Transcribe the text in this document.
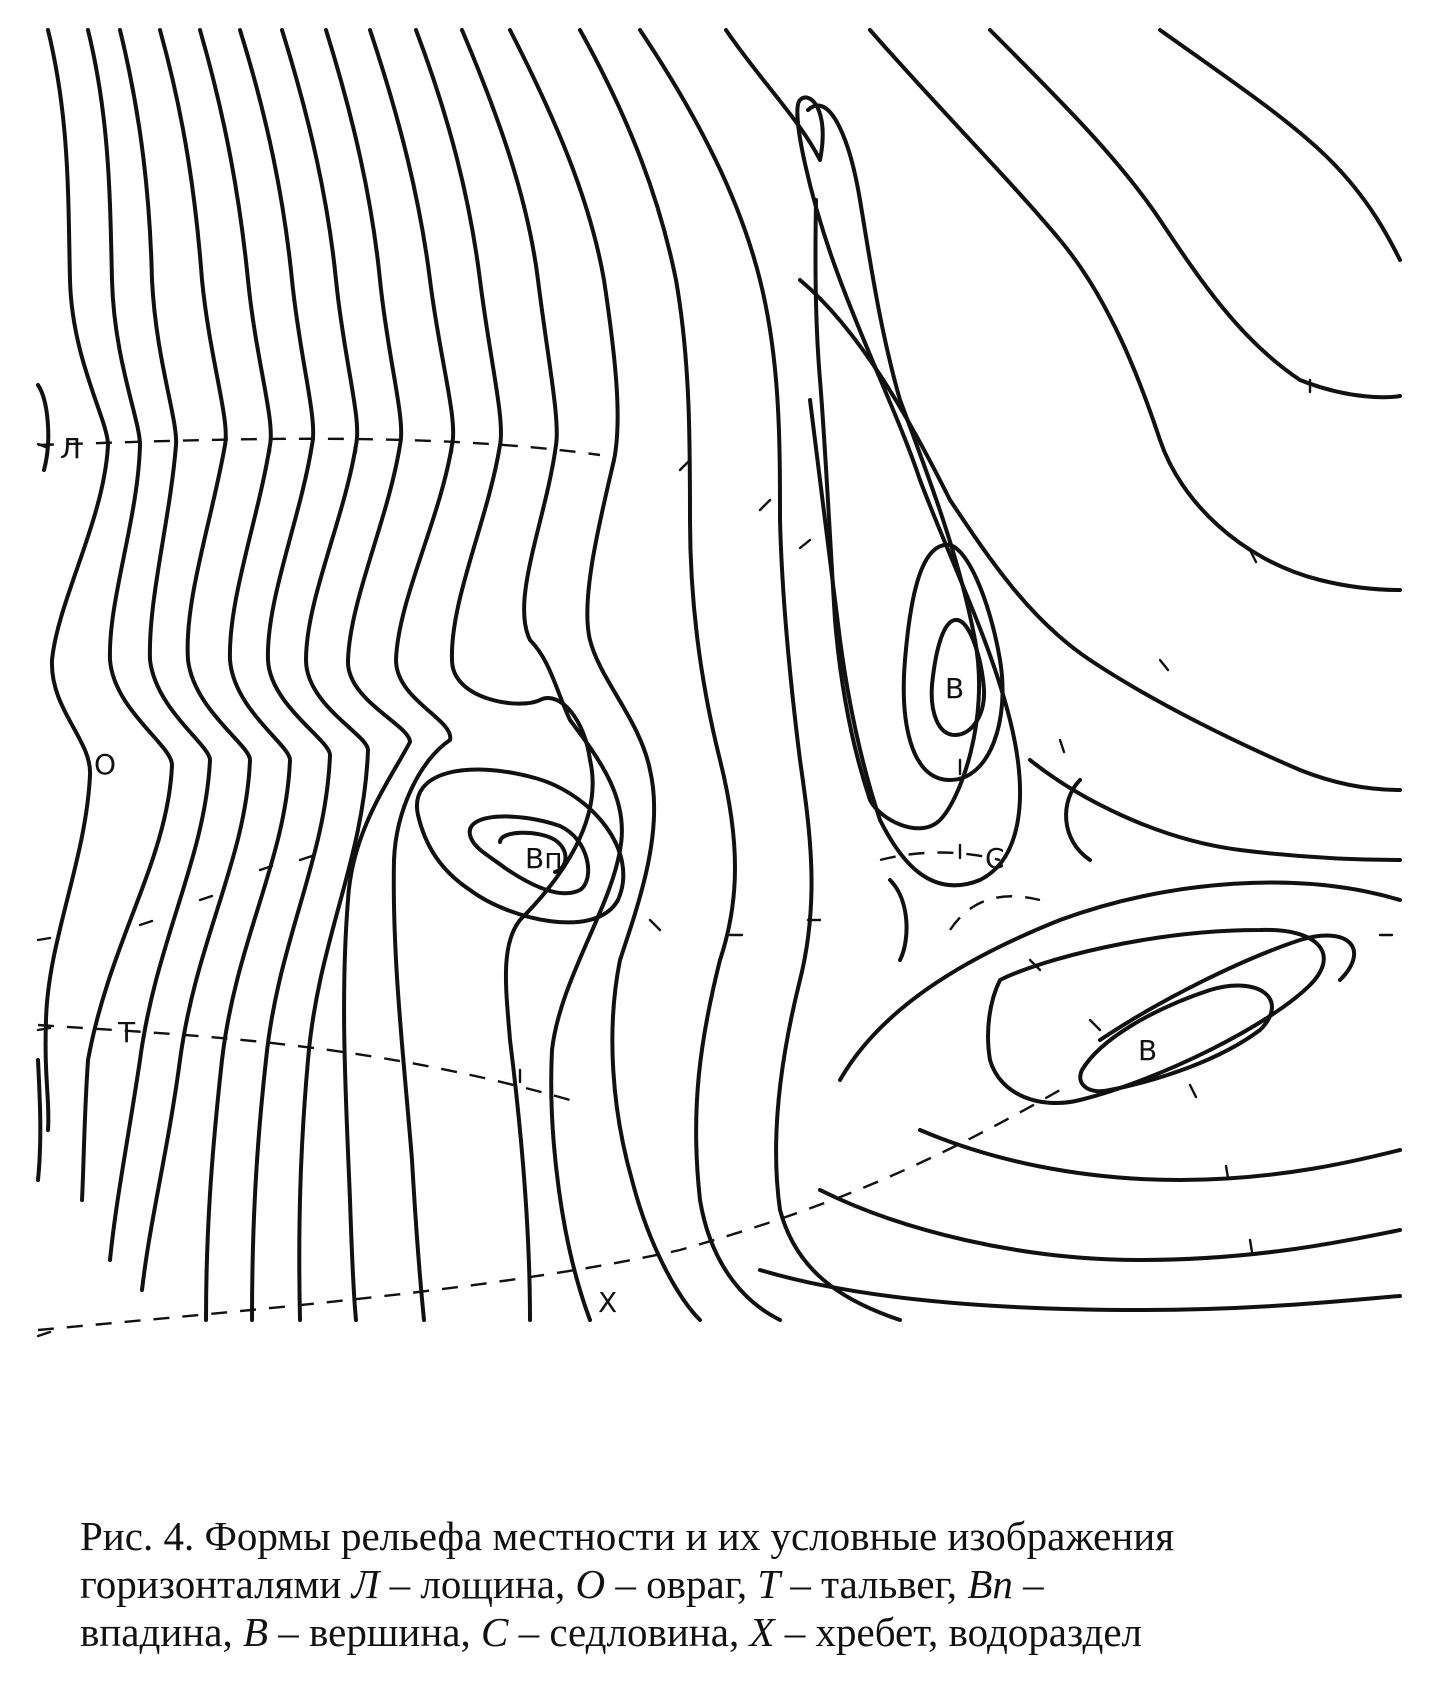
Л
О
Т
Вп
В
С
В
Х

Рис. 4. Формы рельефа местности и их условные изображения

горизонталями Л – лощина, О – овраг, Т – тальвег, Вп –

впадина, В – вершина, С – седловина, Х – хребет, водораздел
